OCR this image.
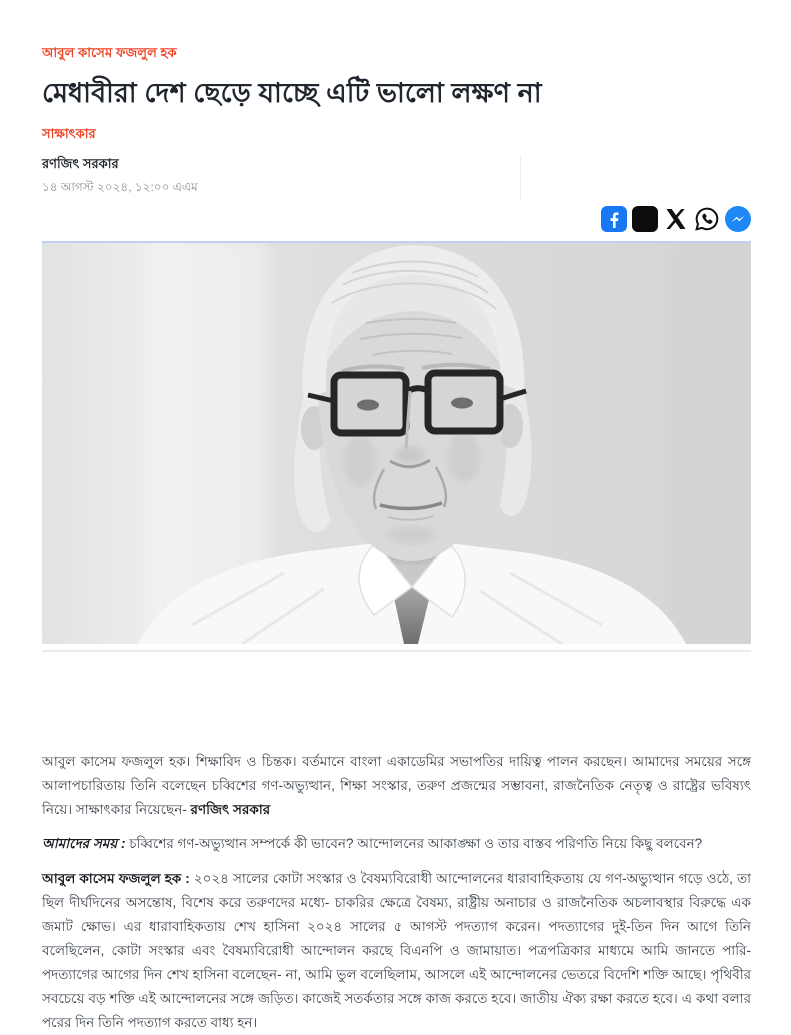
আবুল কাসেম ফজলুল হক
মেধাবীরা দেশ ছেড়ে যাচ্ছে এটি ভালো লক্ষণ না
সাক্ষাৎকার
রণজিৎ সরকার
১৪ আগস্ট ২০২৪, ১২:০০ এএম

আবুল কাসেম ফজলুল হক। শিক্ষাবিদ ও চিন্তক। বর্তমানে বাংলা একাডেমির সভাপতির দায়িত্ব পালন করছেন। আমাদের সময়ের সঙ্গে আলাপচারিতায় তিনি বলেছেন চব্বিশের গণ-অভ্যুত্থান, শিক্ষা সংস্কার, তরুণ প্রজন্মের সম্ভাবনা, রাজনৈতিক নেতৃত্ব ও রাষ্ট্রের ভবিষ্যৎ নিয়ে। সাক্ষাৎকার নিয়েছেন- রণজিৎ সরকার

আমাদের সময় : চব্বিশের গণ-অভ্যুত্থান সম্পর্কে কী ভাবেন? আন্দোলনের আকাঙ্ক্ষা ও তার বাস্তব পরিণতি নিয়ে কিছু বলবেন?

আবুল কাসেম ফজলুল হক : ২০২৪ সালের কোটা সংস্কার ও বৈষম্যবিরোধী আন্দোলনের ধারাবাহিকতায় যে গণ-অভ্যুত্থান গড়ে ওঠে, তা ছিল দীর্ঘদিনের অসন্তোষ, বিশেষ করে তরুণদের মধ্যে- চাকরির ক্ষেত্রে বৈষম্য, রাষ্ট্রীয় অনাচার ও রাজনৈতিক অচলাবস্থার বিরুদ্ধে এক জমাট ক্ষোভ। এর ধারাবাহিকতায় শেখ হাসিনা ২০২৪ সালের ৫ আগস্ট পদত্যাগ করেন। পদত্যাগের দুই-তিন দিন আগে তিনি বলেছিলেন, কোটা সংস্কার এবং বৈষম্যবিরোধী আন্দোলন করছে বিএনপি ও জামায়াত। পত্রপত্রিকার মাধ্যমে আমি জানতে পারি- পদত্যাগের আগের দিন শেখ হাসিনা বলেছেন- না, আমি ভুল বলেছিলাম, আসলে এই আন্দোলনের ভেতরে বিদেশি শক্তি আছে। পৃথিবীর সবচেয়ে বড় শক্তি এই আন্দোলনের সঙ্গে জড়িত। কাজেই সতর্কতার সঙ্গে কাজ করতে হবে। জাতীয় ঐক্য রক্ষা করতে হবে। এ কথা বলার পরের দিন তিনি পদত্যাগ করতে বাধ্য হন।
